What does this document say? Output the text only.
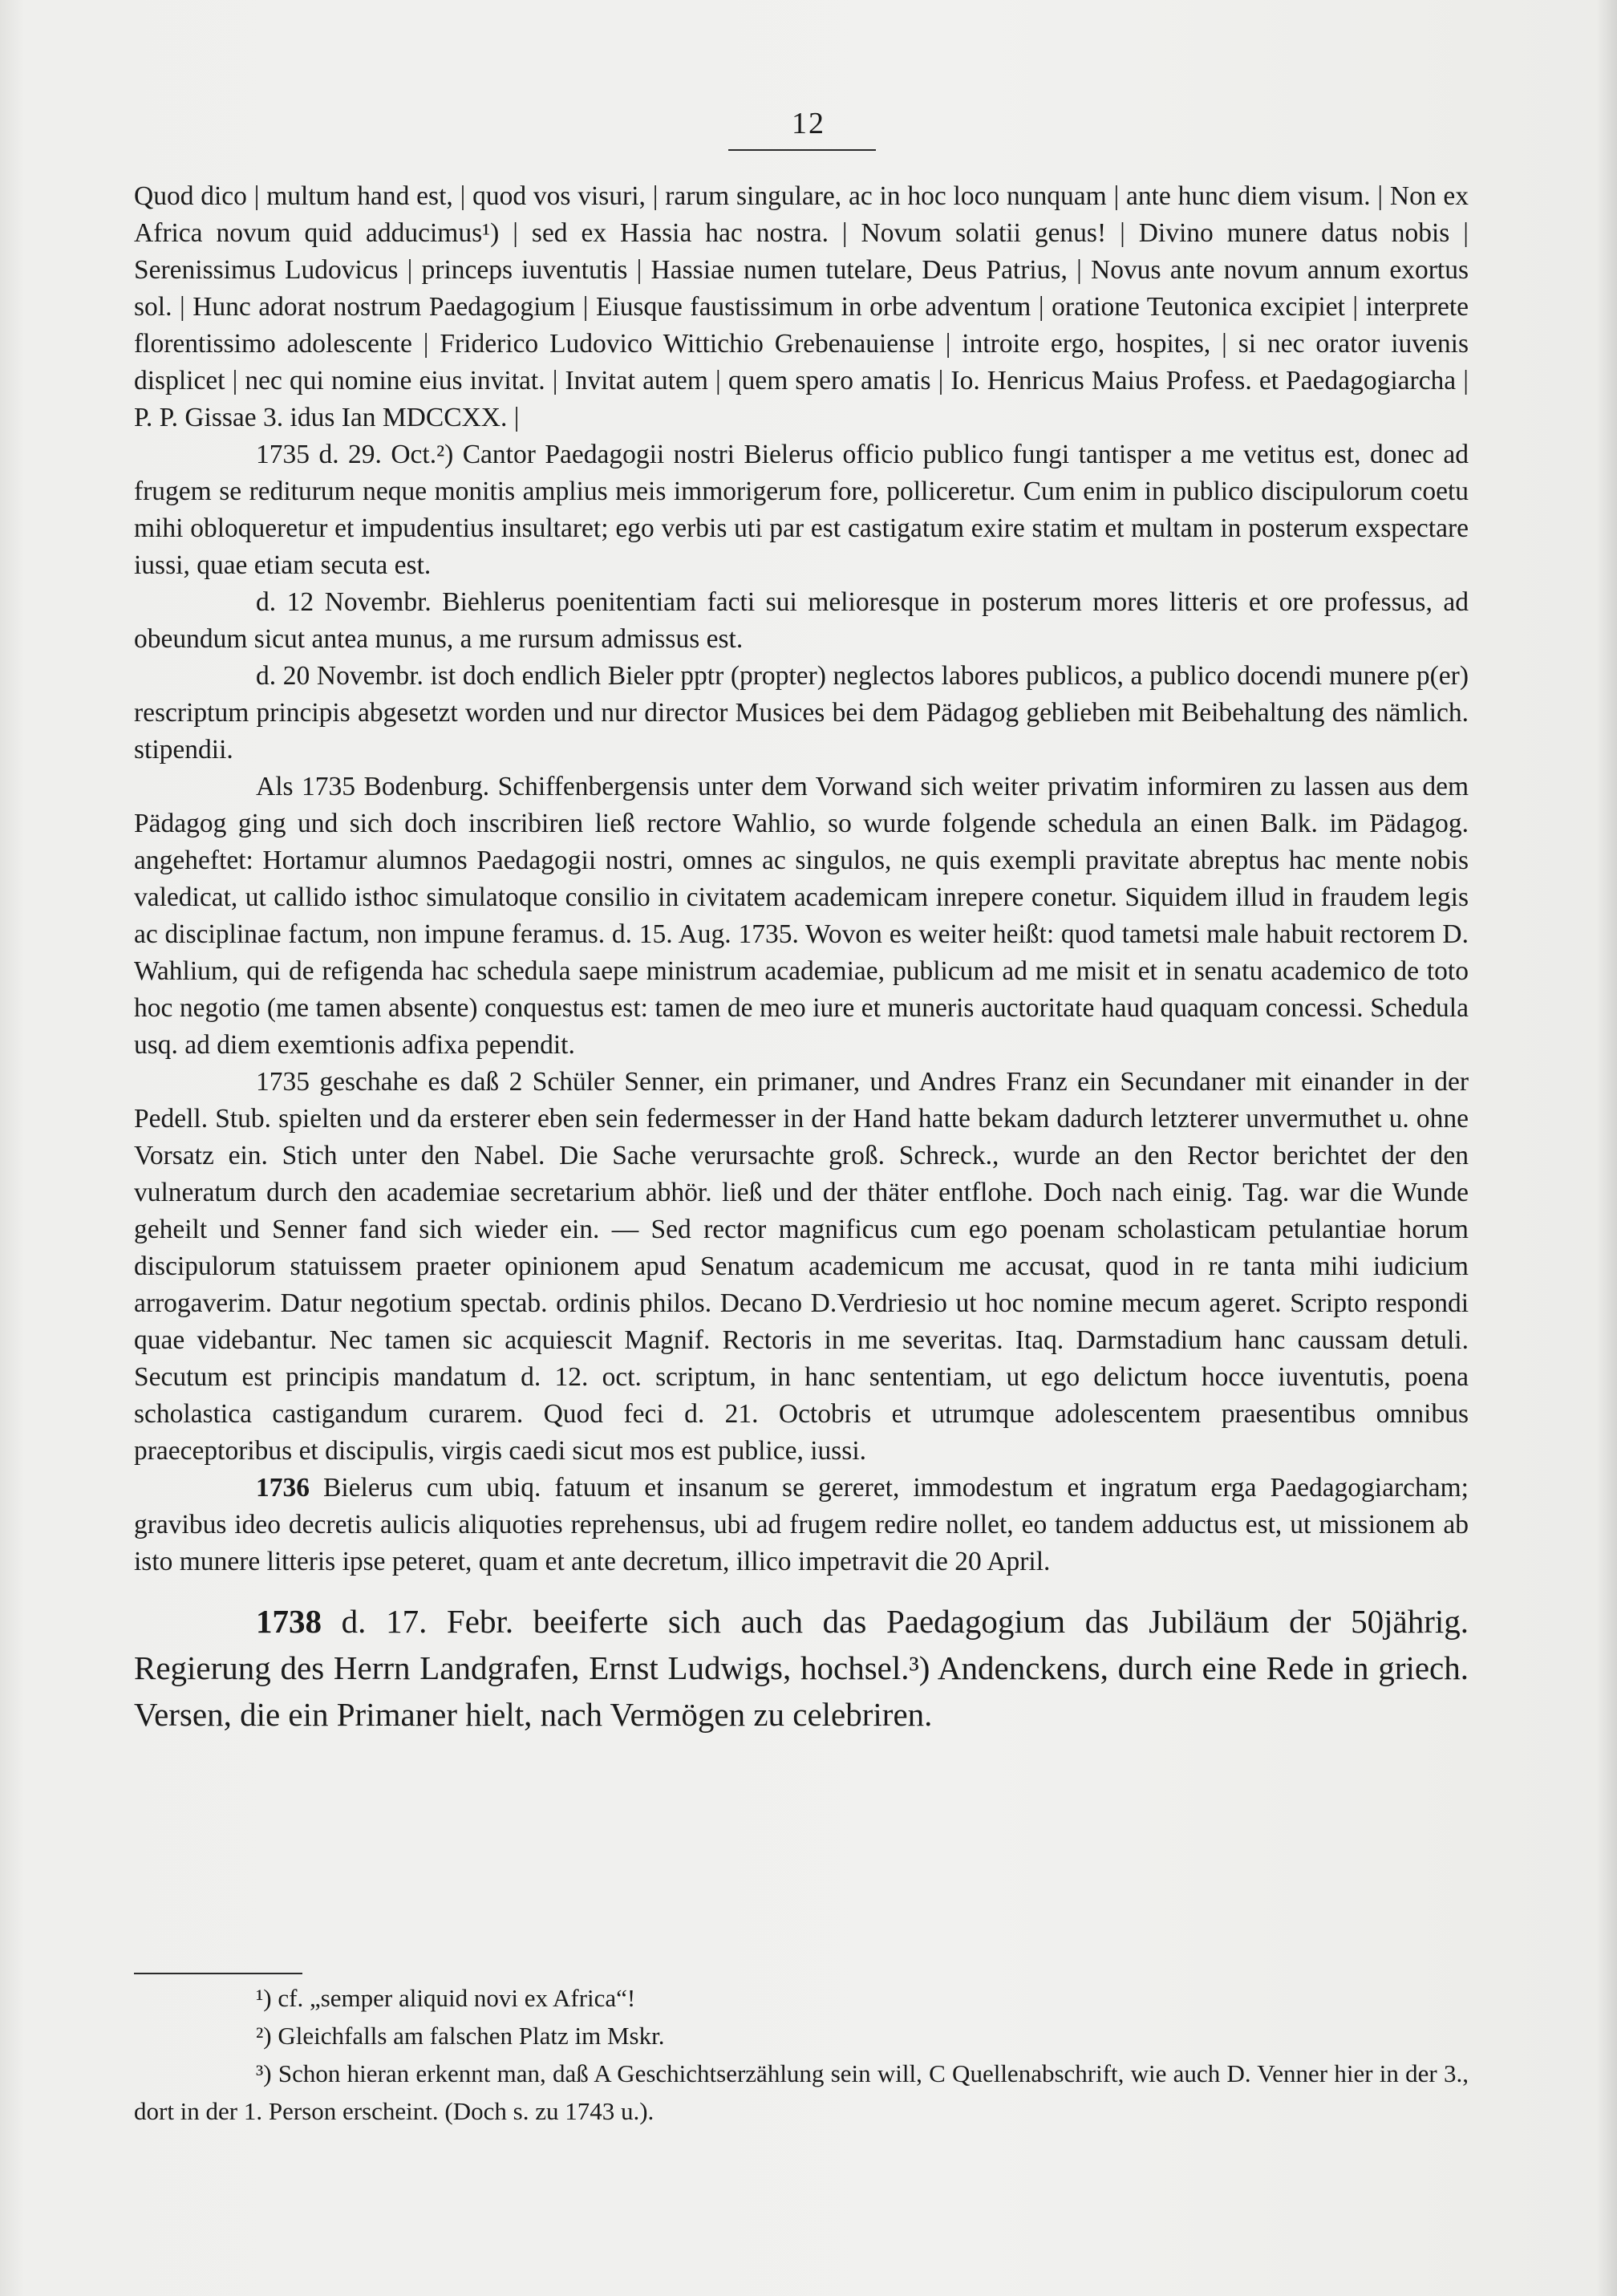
12

Quod dico | multum hand est, | quod vos visuri, | rarum singulare, ac in hoc loco nunquam | ante hunc diem visum. | Non ex Africa novum quid adducimus¹) | sed ex Hassia hac nostra. | Novum solatii genus! | Divino munere datus nobis | Serenissimus Ludovicus | princeps iuventutis | Hassiae numen tutelare, Deus Patrius, | Novus ante novum annum exortus sol. | Hunc adorat nostrum Paedagogium | Eiusque faustissimum in orbe adventum | oratione Teutonica excipiet | interprete florentissimo adolescente | Friderico Ludovico Wittichio Grebenauiense | introite ergo, hospites, | si nec orator iuvenis displicet | nec qui nomine eius invitat. | Invitat autem | quem spero amatis | Io. Henricus Maius Profess. et Paedagogiarcha | P. P. Gissae 3. idus Ian MDCCXX. |

1735 d. 29. Oct.²) Cantor Paedagogii nostri Bielerus officio publico fungi tantisper a me vetitus est, donec ad frugem se rediturum neque monitis amplius meis immorigerum fore, polliceretur. Cum enim in publico discipulorum coetu mihi obloqueretur et impudentius insultaret; ego verbis uti par est castigatum exire statim et multam in posterum exspectare iussi, quae etiam secuta est.

d. 12 Novembr. Biehlerus poenitentiam facti sui melioresque in posterum mores litteris et ore professus, ad obeundum sicut antea munus, a me rursum admissus est.

d. 20 Novembr. ist doch endlich Bieler pptr (propter) neglectos labores publicos, a publico docendi munere p(er) rescriptum principis abgesetzt worden und nur director Musices bei dem Pädagog geblieben mit Beibehaltung des nämlich. stipendii.

Als 1735 Bodenburg. Schiffenbergensis unter dem Vorwand sich weiter privatim informiren zu lassen aus dem Pädagog ging und sich doch inscribiren ließ rectore Wahlio, so wurde folgende schedula an einen Balk. im Pädagog. angeheftet: Hortamur alumnos Paedagogii nostri, omnes ac singulos, ne quis exempli pravitate abreptus hac mente nobis valedicat, ut callido isthoc simulatoque consilio in civitatem academicam inrepere conetur. Siquidem illud in fraudem legis ac disciplinae factum, non impune feramus. d. 15. Aug. 1735. Wovon es weiter heißt: quod tametsi male habuit rectorem D. Wahlium, qui de refigenda hac schedula saepe ministrum academiae, publicum ad me misit et in senatu academico de toto hoc negotio (me tamen absente) conquestus est: tamen de meo iure et muneris auctoritate haud quaquam concessi. Schedula usq. ad diem exemtionis adfixa pependit.

1735 geschahe es daß 2 Schüler Senner, ein primaner, und Andres Franz ein Secundaner mit einander in der Pedell. Stub. spielten und da ersterer eben sein federmesser in der Hand hatte bekam dadurch letzterer unvermuthet u. ohne Vorsatz ein. Stich unter den Nabel. Die Sache verursachte groß. Schreck., wurde an den Rector berichtet der den vulneratum durch den academiae secretarium abhör. ließ und der thäter entflohe. Doch nach einig. Tag. war die Wunde geheilt und Senner fand sich wieder ein. — Sed rector magnificus cum ego poenam scholasticam petulantiae horum discipulorum statuissem praeter opinionem apud Senatum academicum me accusat, quod in re tanta mihi iudicium arrogaverim. Datur negotium spectab. ordinis philos. Decano D.Verdriesio ut hoc nomine mecum ageret. Scripto respondi quae videbantur. Nec tamen sic acquiescit Magnif. Rectoris in me severitas. Itaq. Darmstadium hanc caussam detuli. Secutum est principis mandatum d. 12. oct. scriptum, in hanc sententiam, ut ego delictum hocce iuventutis, poena scholastica castigandum curarem. Quod feci d. 21. Octobris et utrumque adolescentem praesentibus omnibus praeceptoribus et discipulis, virgis caedi sicut mos est publice, iussi.

1736 Bielerus cum ubiq. fatuum et insanum se gereret, immodestum et ingratum erga Paedagogiarcham; gravibus ideo decretis aulicis aliquoties reprehensus, ubi ad frugem redire nollet, eo tandem adductus est, ut missionem ab isto munere litteris ipse peteret, quam et ante decretum, illico impetravit die 20 April.

1738 d. 17. Febr. beeiferte sich auch das Paedagogium das Jubiläum der 50jährig. Regierung des Herrn Landgrafen, Ernst Ludwigs, hochsel.³) Andenckens, durch eine Rede in griech. Versen, die ein Primaner hielt, nach Vermögen zu celebriren.

¹) cf. „semper aliquid novi ex Africa“!

²) Gleichfalls am falschen Platz im Mskr.

³) Schon hieran erkennt man, daß A Geschichtserzählung sein will, C Quellenabschrift, wie auch D. Venner hier in der 3., dort in der 1. Person erscheint. (Doch s. zu 1743 u.).
